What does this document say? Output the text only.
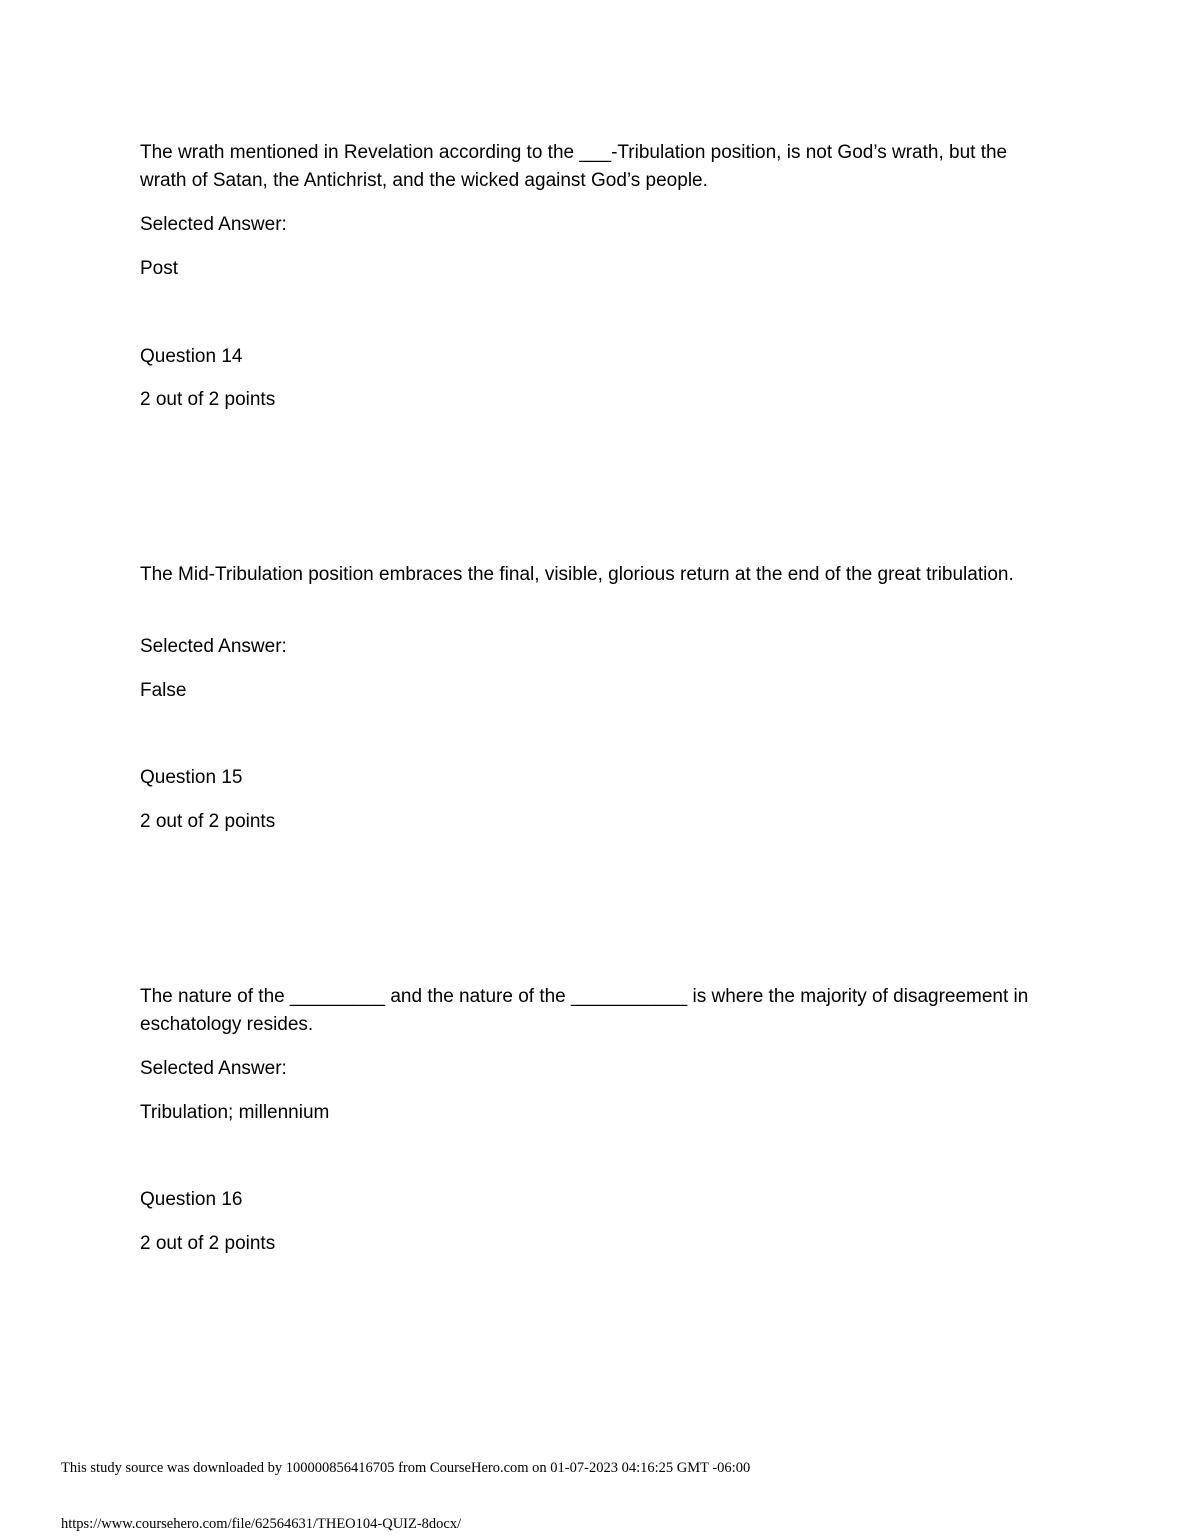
The wrath mentioned in Revelation according to the ___-Tribulation position, is not God’s wrath, but the wrath of Satan, the Antichrist, and the wicked against God’s people.

Selected Answer:

Post

Question 14

2 out of 2 points

The Mid-Tribulation position embraces the final, visible, glorious return at the end of the great tribulation.

Selected Answer:

False

Question 15

2 out of 2 points

The nature of the _________ and the nature of the ___________ is where the majority of disagreement in eschatology resides.

Selected Answer:

Tribulation; millennium

Question 16

2 out of 2 points

This study source was downloaded by 100000856416705 from CourseHero.com on 01-07-2023 04:16:25 GMT -06:00

https://www.coursehero.com/file/62564631/THEO104-QUIZ-8docx/
